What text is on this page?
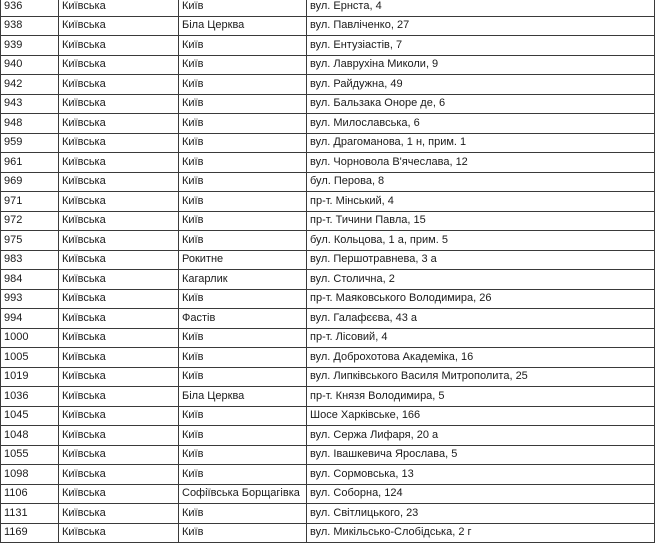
936	Київська	Київ	вул. Ернста, 4
938	Київська	Біла Церква	вул. Павліченко, 27
939	Київська	Київ	вул. Ентузіастів, 7
940	Київська	Київ	вул. Лаврухіна Миколи, 9
942	Київська	Київ	вул. Райдужна, 49
943	Київська	Київ	вул. Бальзака Оноре де, 6
948	Київська	Київ	вул. Милославська, 6
959	Київська	Київ	вул. Драгоманова, 1 н, прим. 1
961	Київська	Київ	вул. Чорновола В'ячеслава, 12
969	Київська	Київ	бул. Перова, 8
971	Київська	Київ	пр-т. Мінський, 4
972	Київська	Київ	пр-т. Тичини Павла, 15
975	Київська	Київ	бул. Кольцова, 1 а, прим. 5
983	Київська	Рокитне	вул. Першотравнева, 3 а
984	Київська	Кагарлик	вул. Столична, 2
993	Київська	Київ	пр-т. Маяковського Володимира, 26
994	Київська	Фастів	вул. Галафєєва, 43 а
1000	Київська	Київ	пр-т. Лісовий, 4
1005	Київська	Київ	вул. Доброхотова Академіка, 16
1019	Київська	Київ	вул. Липківського Василя Митрополита, 25
1036	Київська	Біла Церква	пр-т. Князя Володимира, 5
1045	Київська	Київ	Шосе Харківське, 166
1048	Київська	Київ	вул. Сержа Лифаря, 20 а
1055	Київська	Київ	вул. Івашкевича Ярослава, 5
1098	Київська	Київ	вул. Сормовська, 13
1106	Київська	Софіївська Борщагівка	вул. Соборна, 124
1131	Київська	Київ	вул. Світлицького, 23
1169	Київська	Київ	вул. Микільсько-Слобідська, 2 г
